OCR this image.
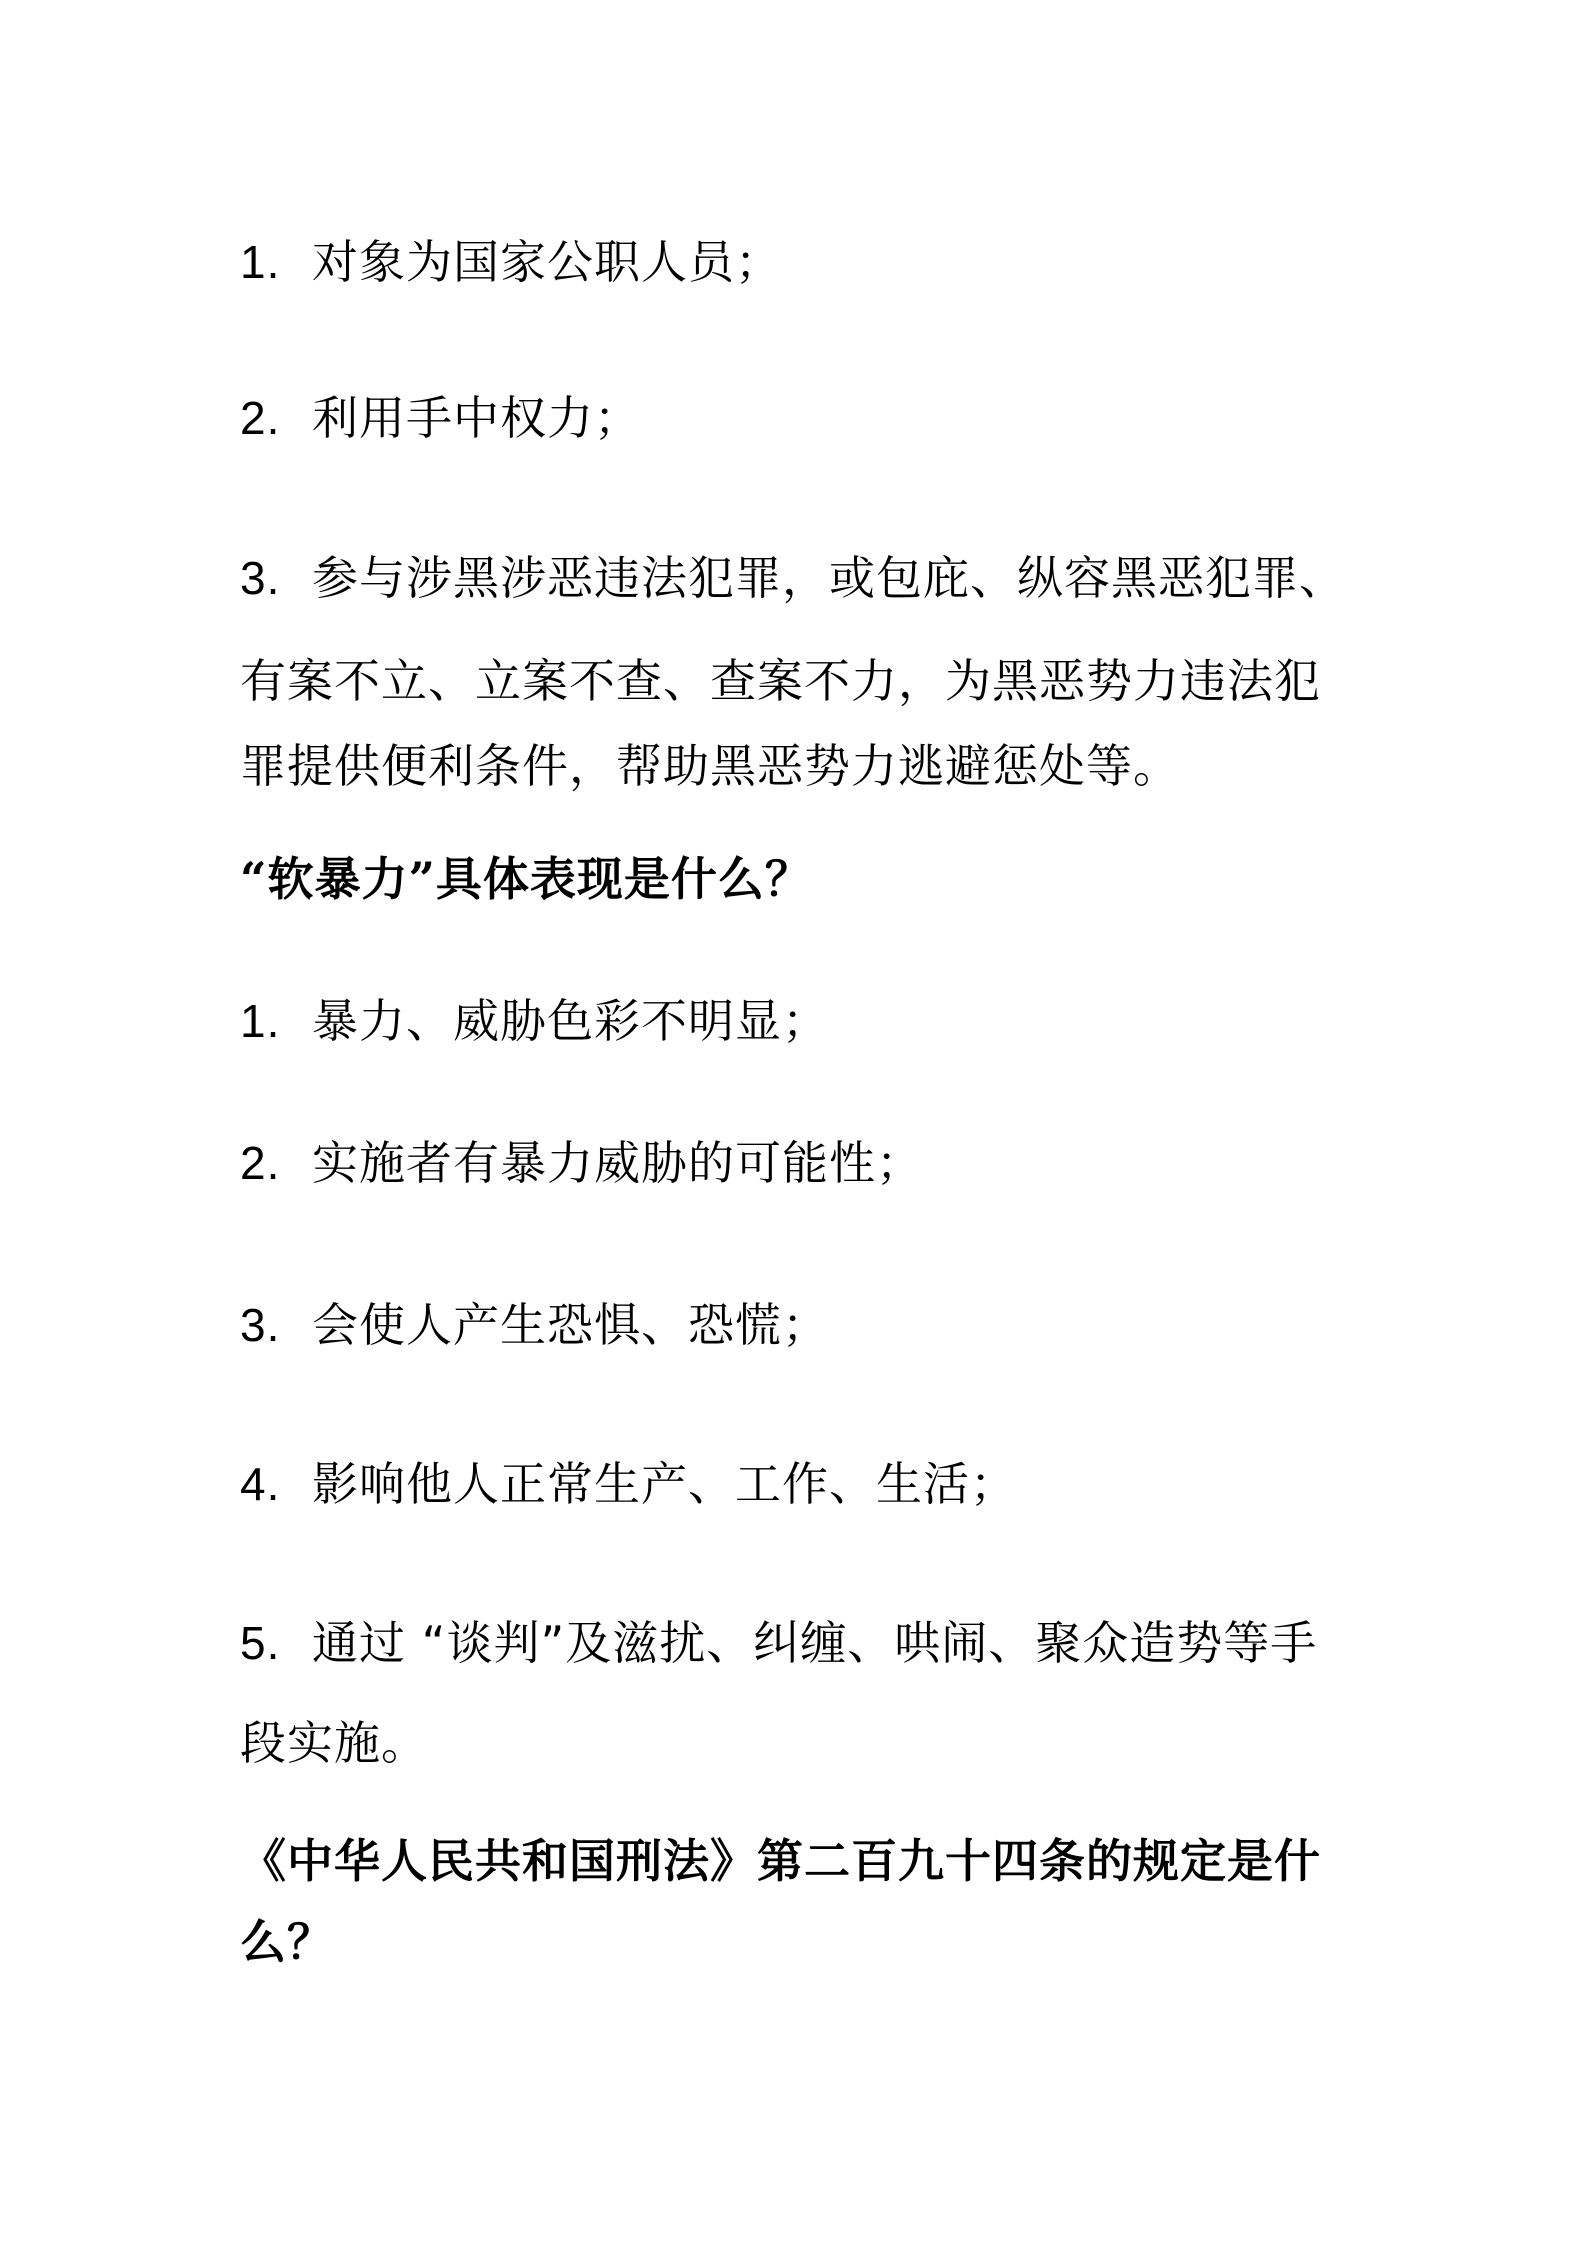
1. 对象为国家公职人员；
2. 利用手中权力；
3. 参与涉黑涉恶违法犯罪，或包庇、纵容黑恶犯罪、
有案不立、立案不查、查案不力，为黑恶势力违法犯
罪提供便利条件，帮助黑恶势力逃避惩处等。
“软暴力”具体表现是什么？
1. 暴力、威胁色彩不明显；
2. 实施者有暴力威胁的可能性；
3. 会使人产生恐惧、恐慌；
4. 影响他人正常生产、工作、生活；
5. 通过 “谈判”及滋扰、纠缠、哄闹、聚众造势等手
段实施。
《中华人民共和国刑法》第二百九十四条的规定是什
么？
